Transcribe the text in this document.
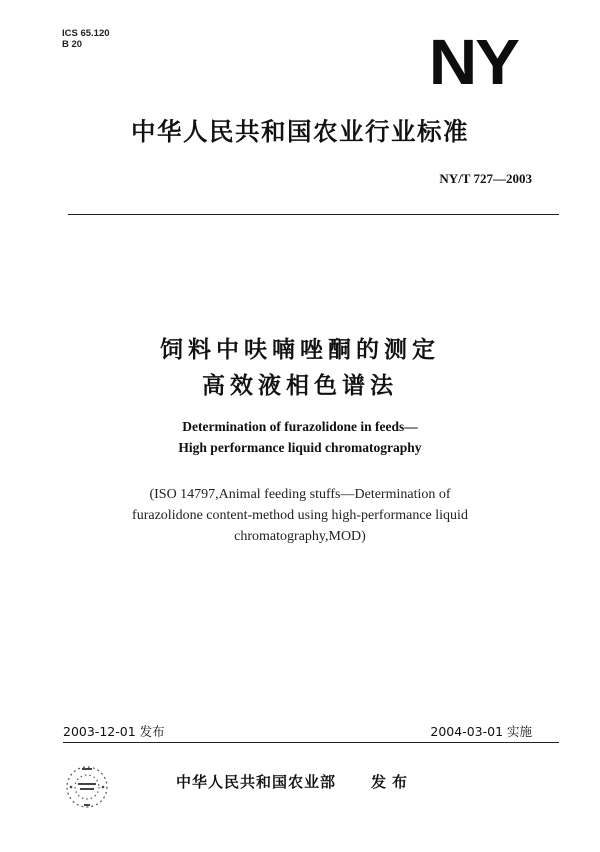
ICS 65.120
B 20	NY
中华人民共和国农业行业标准
NY/T 727—2003
饲料中呋喃唑酮的测定
高效液相色谱法
Determination of furazolidone in feeds—
High performance liquid chromatography
(ISO 14797,Animal feeding stuffs—Determination of
furazolidone content-method using high-performance liquid
chromatography,MOD)
2003-12-01 发布	2004-03-01 实施
中华人民共和国农业部 发布
